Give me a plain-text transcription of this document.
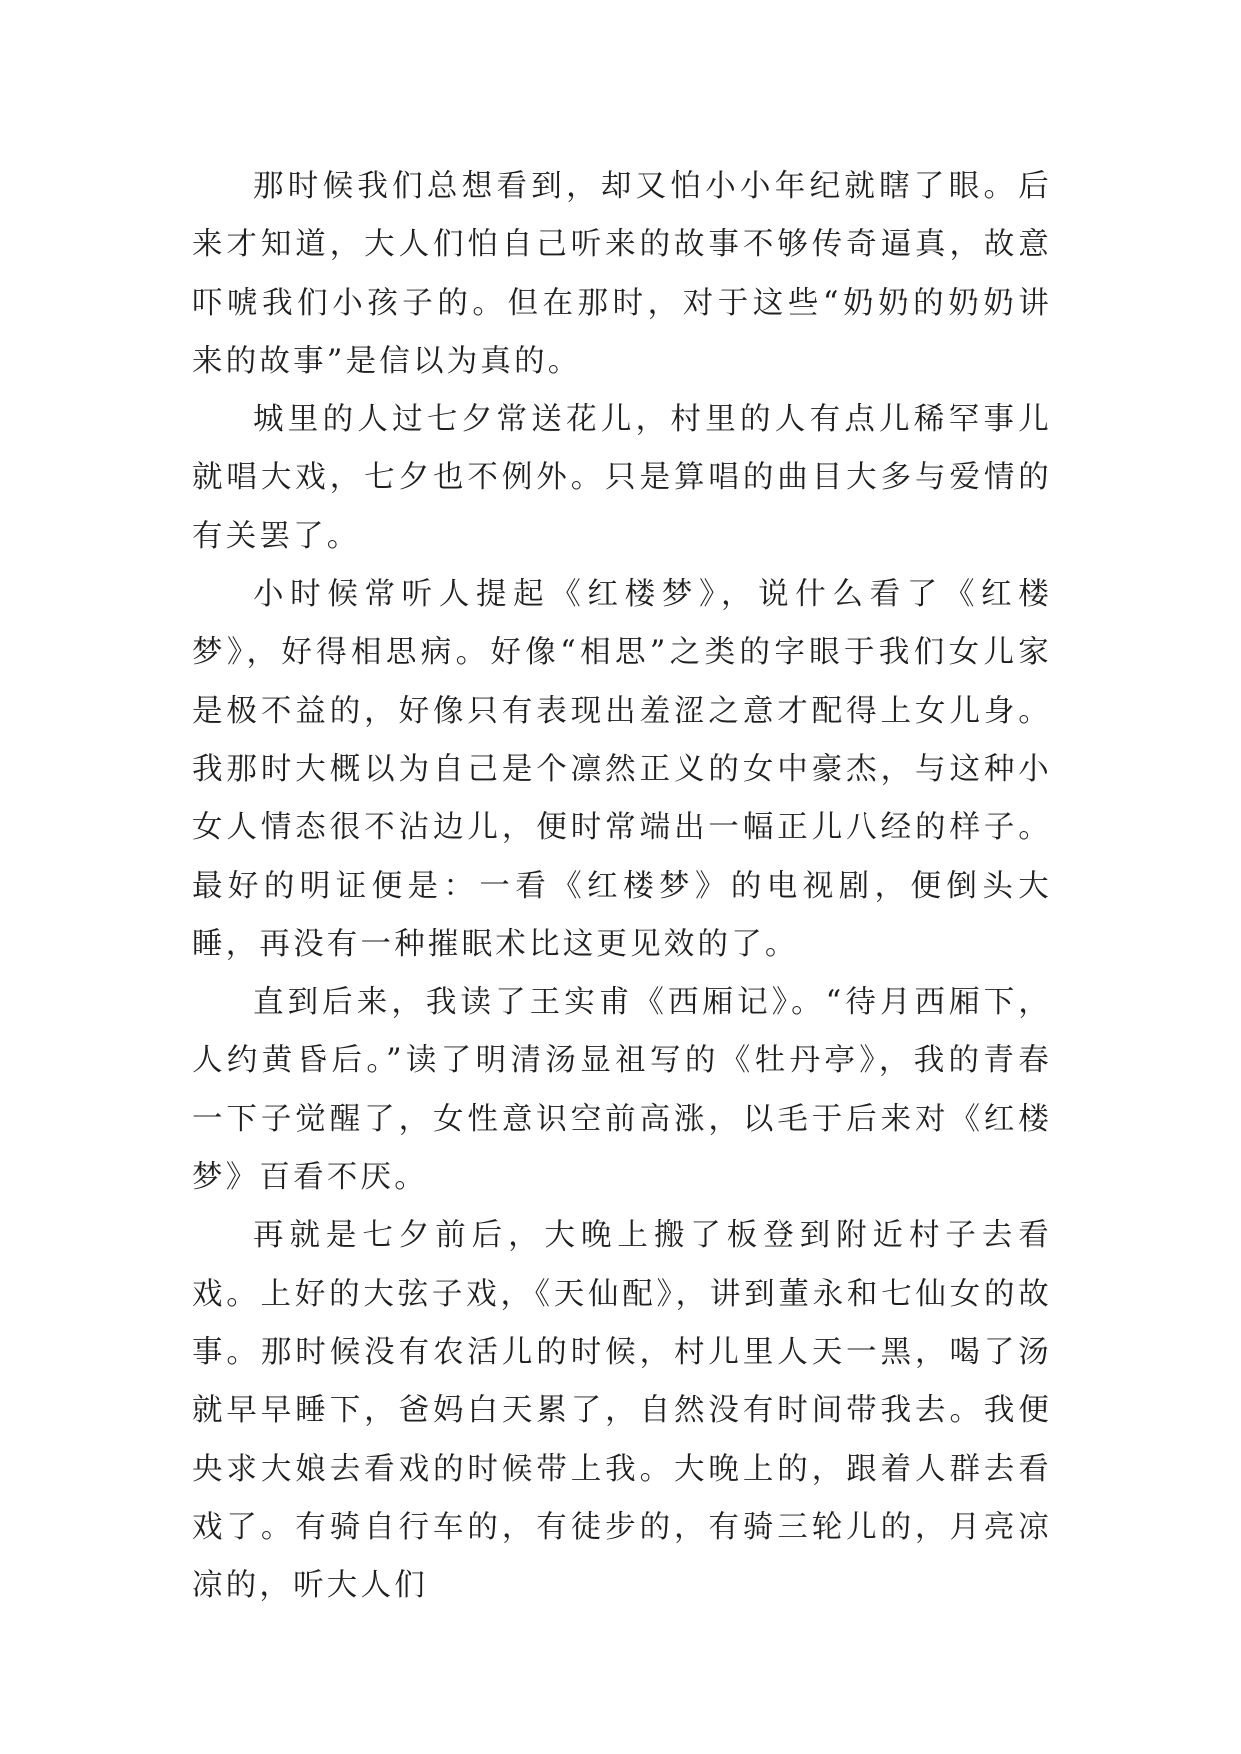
那时候我们总想看到，却又怕小小年纪就瞎了眼。后来才知道，大人们怕自己听来的故事不够传奇逼真，故意吓唬我们小孩子的。但在那时，对于这些“奶奶的奶奶讲来的故事”是信以为真的。

城里的人过七夕常送花儿，村里的人有点儿稀罕事儿就唱大戏，七夕也不例外。只是算唱的曲目大多与爱情的有关罢了。

小时候常听人提起《红楼梦》，说什么看了《红楼梦》，好得相思病。好像“相思”之类的字眼于我们女儿家是极不益的，好像只有表现出羞涩之意才配得上女儿身。我那时大概以为自己是个凛然正义的女中豪杰，与这种小女人情态很不沾边儿，便时常端出一幅正儿八经的样子。最好的明证便是：一看《红楼梦》的电视剧，便倒头大睡，再没有一种摧眠术比这更见效的了。

直到后来，我读了王实甫《西厢记》。“待月西厢下，人约黄昏后。”读了明清汤显祖写的《牡丹亭》，我的青春一下子觉醒了，女性意识空前高涨，以毛于后来对《红楼梦》百看不厌。

再就是七夕前后，大晚上搬了板登到附近村子去看戏。上好的大弦子戏，《天仙配》，讲到董永和七仙女的故事。那时候没有农活儿的时候，村儿里人天一黑，喝了汤就早早睡下，爸妈白天累了，自然没有时间带我去。我便央求大娘去看戏的时候带上我。大晚上的，跟着人群去看戏了。有骑自行车的，有徒步的，有骑三轮儿的，月亮凉凉的，听大人们
